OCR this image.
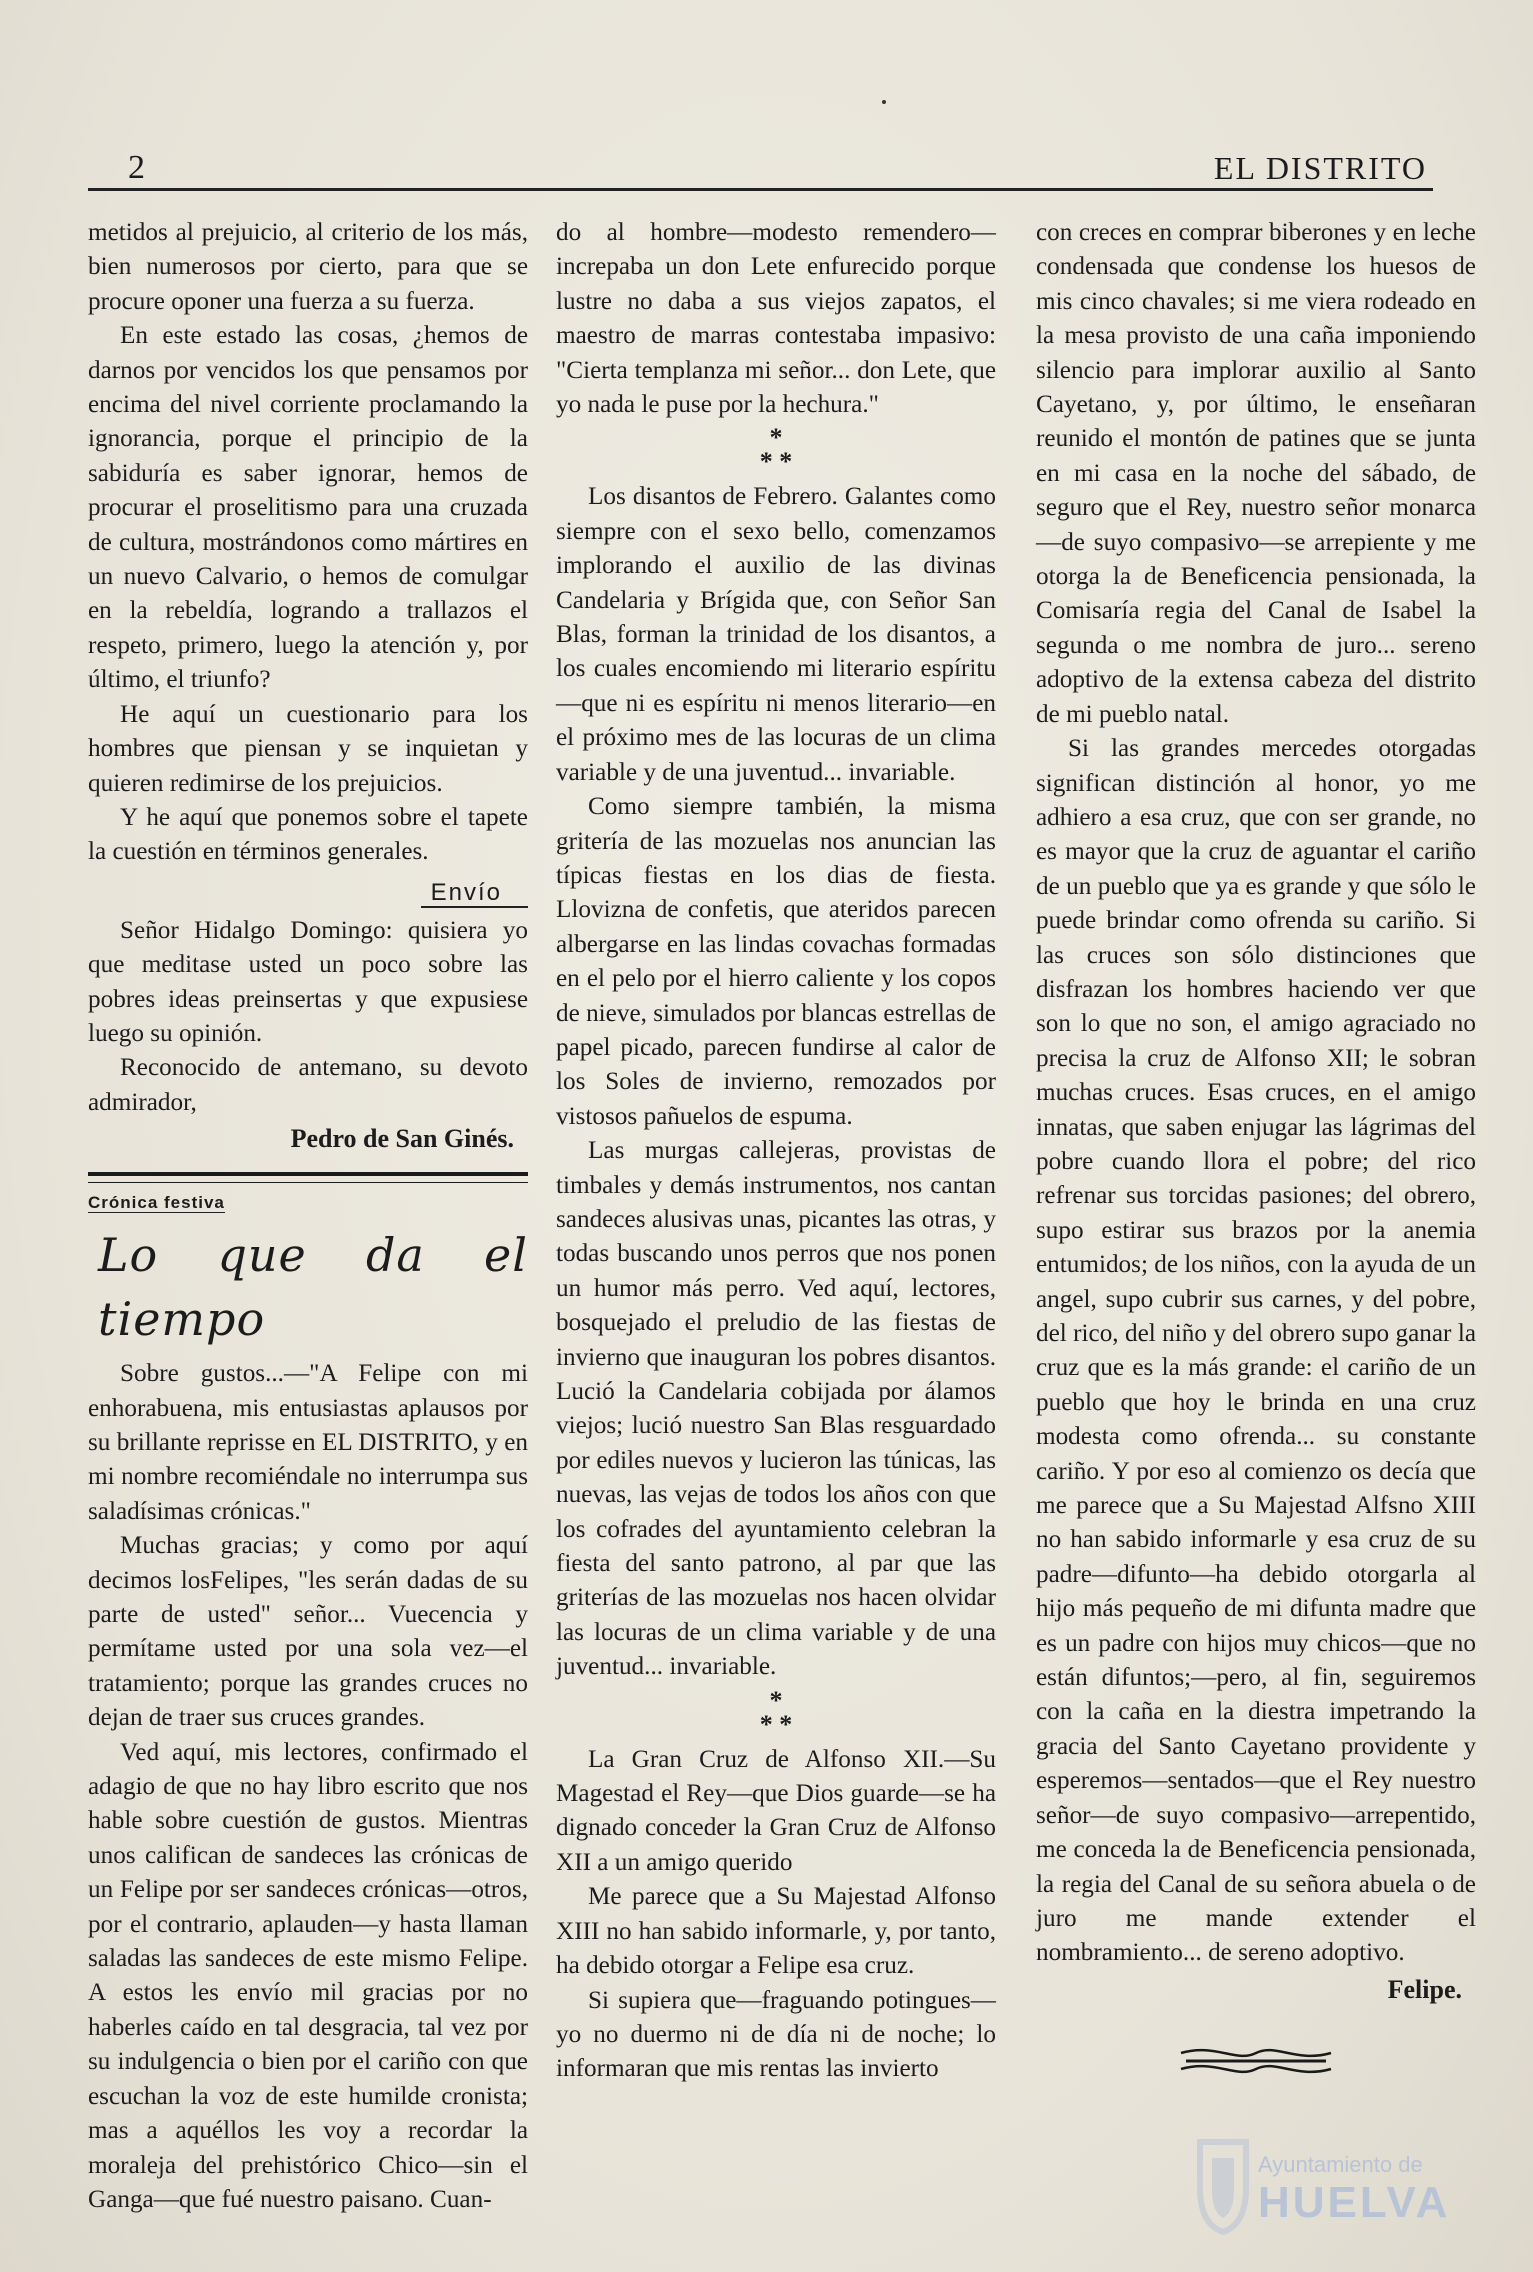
2	EL DISTRITO

metidos al prejuicio, al criterio de los más, bien numerosos por cierto, para que se procure oponer una fuerza a su fuerza.

En este estado las cosas, ¿hemos de darnos por vencidos los que pensamos por encima del nivel corriente proclamando la ignorancia, porque el principio de la sabiduría es saber ignorar, hemos de procurar el proselitismo para una cruzada de cultura, mostrándonos como mártires en un nuevo Calvario, o hemos de comulgar en la rebeldía, logrando a trallazos el respeto, primero, luego la atención y, por último, el triunfo?

He aquí un cuestionario para los hombres que piensan y se inquietan y quieren redimirse de los prejuicios.

Y he aquí que ponemos sobre el tapete la cuestión en términos generales.

Envío

Señor Hidalgo Domingo: quisiera yo que meditase usted un poco sobre las pobres ideas preinsertas y que expusiese luego su opinión.

Reconocido de antemano, su devoto admirador,

Pedro de San Ginés.
Crónica festiva
Lo que da el tiempo

Sobre gustos...—"A Felipe con mi enhorabuena, mis entusiastas aplausos por su brillante reprisse en EL DISTRITO, y en mi nombre recomiéndale no interrumpa sus saladísimas crónicas."

Muchas gracias; y como por aquí decimos losFelipes, "les serán dadas de su parte de usted" señor... Vuecencia y permítame usted por una sola vez—el tratamiento; porque las grandes cruces no dejan de traer sus cruces grandes.

Ved aquí, mis lectores, confirmado el adagio de que no hay libro escrito que nos hable sobre cuestión de gustos. Mientras unos califican de sandeces las crónicas de un Felipe por ser sandeces crónicas—otros, por el contrario, aplauden—y hasta llaman saladas las sandeces de este mismo Felipe. A estos les envío mil gracias por no haberles caído en tal desgracia, tal vez por su indulgencia o bien por el cariño con que escuchan la voz de este humilde cronista; mas a aquéllos les voy a recordar la moraleja del prehistórico Chico—sin el Ganga—que fué nuestro paisano. Cuan-

do al hombre—modesto remendero—increpaba un don Lete enfurecido porque lustre no daba a sus viejos zapatos, el maestro de marras contestaba impasivo: "Cierta templanza mi señor... don Lete, que yo nada le puse por la hechura."

*
* *

Los disantos de Febrero. Galantes como siempre con el sexo bello, comenzamos implorando el auxilio de las divinas Candelaria y Brígida que, con Señor San Blas, forman la trinidad de los disantos, a los cuales encomiendo mi literario espíritu—que ni es espíritu ni menos literario—en el próximo mes de las locuras de un clima variable y de una juventud... invariable.

Como siempre también, la misma gritería de las mozuelas nos anuncian las típicas fiestas en los dias de fiesta. Llovizna de confetis, que ateridos parecen albergarse en las lindas covachas formadas en el pelo por el hierro caliente y los copos de nieve, simulados por blancas estrellas de papel picado, parecen fundirse al calor de los Soles de invierno, remozados por vistosos pañuelos de espuma.

Las murgas callejeras, provistas de timbales y demás instrumentos, nos cantan sandeces alusivas unas, picantes las otras, y todas buscando unos perros que nos ponen un humor más perro. Ved aquí, lectores, bosquejado el preludio de las fiestas de invierno que inauguran los pobres disantos. Lució la Candelaria cobijada por álamos viejos; lució nuestro San Blas resguardado por ediles nuevos y lucieron las túnicas, las nuevas, las vejas de todos los años con que los cofrades del ayuntamiento celebran la fiesta del santo patrono, al par que las griterías de las mozuelas nos hacen olvidar las locuras de un clima variable y de una juventud... invariable.

*
* *

La Gran Cruz de Alfonso XII.—Su Magestad el Rey—que Dios guarde—se ha dignado conceder la Gran Cruz de Alfonso XII a un amigo querido

Me parece que a Su Majestad Alfonso XIII no han sabido informarle, y, por tanto, ha debido otorgar a Felipe esa cruz.

Si supiera que—fraguando potingues—yo no duermo ni de día ni de noche; lo informaran que mis rentas las invierto

con creces en comprar biberones y en leche condensada que condense los huesos de mis cinco chavales; si me viera rodeado en la mesa provisto de una caña imponiendo silencio para implorar auxilio al Santo Cayetano, y, por último, le enseñaran reunido el montón de patines que se junta en mi casa en la noche del sábado, de seguro que el Rey, nuestro señor monarca—de suyo compasivo—se arrepiente y me otorga la de Beneficencia pensionada, la Comisaría regia del Canal de Isabel la segunda o me nombra de juro... sereno adoptivo de la extensa cabeza del distrito de mi pueblo natal.

Si las grandes mercedes otorgadas significan distinción al honor, yo me adhiero a esa cruz, que con ser grande, no es mayor que la cruz de aguantar el cariño de un pueblo que ya es grande y que sólo le puede brindar como ofrenda su cariño. Si las cruces son sólo distinciones que disfrazan los hombres haciendo ver que son lo que no son, el amigo agraciado no precisa la cruz de Alfonso XII; le sobran muchas cruces. Esas cruces, en el amigo innatas, que saben enjugar las lágrimas del pobre cuando llora el pobre; del rico refrenar sus torcidas pasiones; del obrero, supo estirar sus brazos por la anemia entumidos; de los niños, con la ayuda de un angel, supo cubrir sus carnes, y del pobre, del rico, del niño y del obrero supo ganar la cruz que es la más grande: el cariño de un pueblo que hoy le brinda en una cruz modesta como ofrenda... su constante cariño. Y por eso al comienzo os decía que me parece que a Su Majestad Alfsno XIII no han sabido informarle y esa cruz de su padre—difunto—ha debido otorgarla al hijo más pequeño de mi difunta madre que es un padre con hijos muy chicos—que no están difuntos;—pero, al fin, seguiremos con la caña en la diestra impetrando la gracia del Santo Cayetano providente y esperemos—sentados—que el Rey nuestro señor—de suyo compasivo—arrepentido, me conceda la de Beneficencia pensionada, la regia del Canal de su señora abuela o de juro me mande extender el nombramiento... de sereno adoptivo.

Felipe.
Ayuntamiento de
HUELVA
